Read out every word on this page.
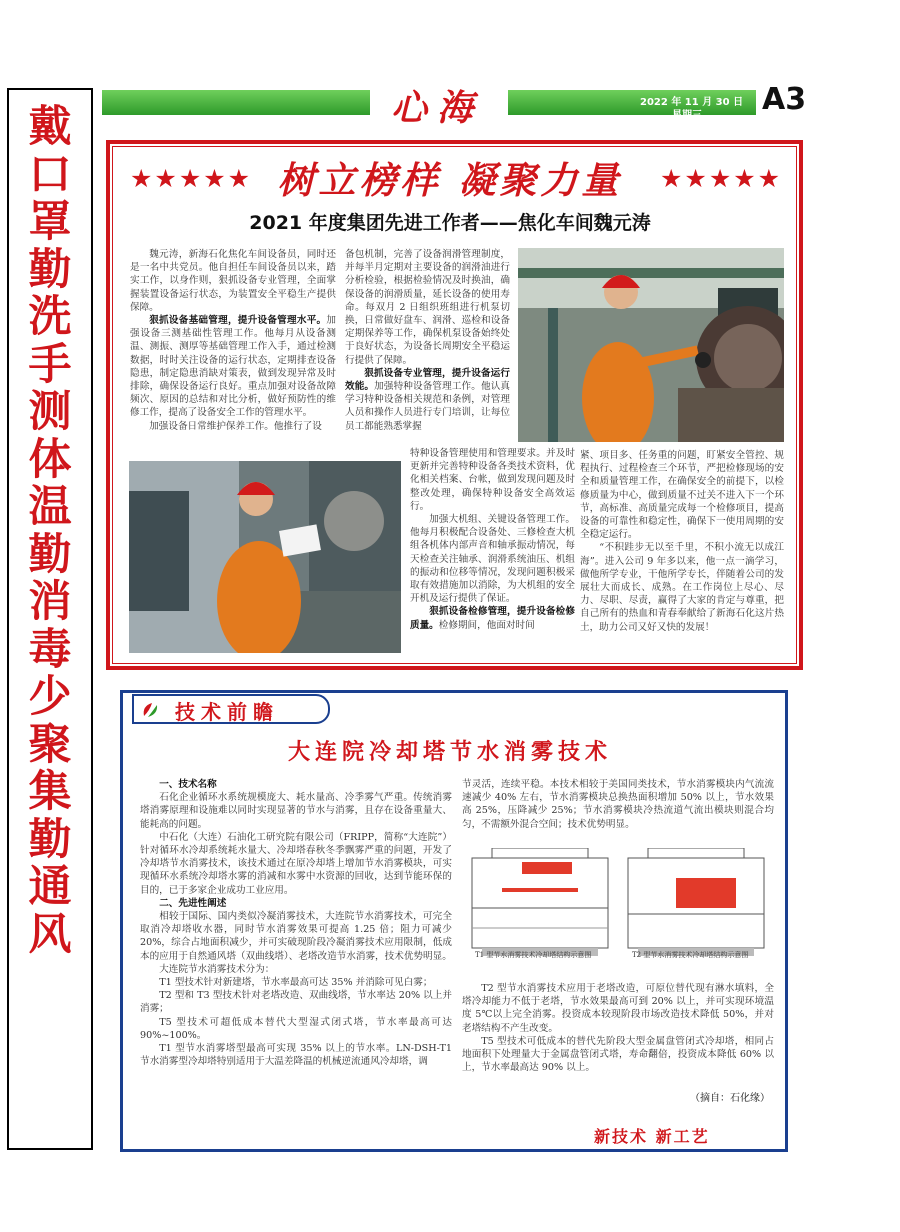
戴
口
罩
勤
洗
手
测
体
温
勤
消
毒
少
聚
集
勤
通
风
心海	2022 年 11 月 30 日
星期三 A3
★★★★★	★★★★★
树立榜样 凝聚力量
2021 年度集团先进工作者——焦化车间魏元涛

魏元涛，新海石化焦化车间设备员，同时还是一名中共党员。他自担任车间设备员以来，踏实工作，以身作则，狠抓设备专业管理，全面掌握装置设备运行状态，为装置安全平稳生产提供保障。

狠抓设备基础管理，提升设备管理水平。加强设备三测基础性管理工作。他每月从设备测温、测振、测厚等基础管理工作入手，通过检测数据，时时关注设备的运行状态，定期排查设备隐患，制定隐患消缺对策表，做到发现异常及时排除，确保设备运行良好。重点加强对设备故障频次、原因的总结和对比分析，做好预防性的维修工作，提高了设备安全工作的管理水平。

加强设备日常维护保养工作。他推行了设

备包机制，完善了设备润滑管理制度，并每半月定期对主要设备的润滑油进行分析检验，根据检验情况及时换油，确保设备的润滑质量，延长设备的使用寿命。每双月 2 日组织班组进行机泵切换，日常做好盘车、润滑、巡检和设备定期保养等工作，确保机泵设备始终处于良好状态，为设备长周期安全平稳运行提供了保障。

狠抓设备专业管理，提升设备运行效能。加强特种设备管理工作。他认真学习特种设备相关规范和条例，对管理人员和操作人员进行专门培训，让每位员工都能熟悉掌握

特种设备管理使用和管理要求。并及时更新并完善特种设备各类技术资料，优化相关档案、台帐，做到发现问题及时整改处理，确保特种设备安全高效运行。

加强大机组、关键设备管理工作。他每月积极配合设备处、三修检查大机组各机体内部声音和轴承振动情况，每天检查关注轴承、润滑系统油压、机组的振动和位移等情况，发现问题积极采取有效措施加以消除，为大机组的安全开机及运行提供了保证。

狠抓设备检修管理，提升设备检修质量。检修期间，他面对时间

紧、项目多、任务重的问题，盯紧安全管控、规程执行、过程检查三个环节，严把检修现场的安全和质量管理工作，在确保安全的前提下，以检修质量为中心，做到质量不过关不进入下一个环节，高标准、高质量完成每一个检修项目，提高设备的可靠性和稳定性，确保下一使用周期的安全稳定运行。

“不积跬步无以至千里，不积小流无以成江海”。进入公司 9 年多以来，他一点一滴学习，做他所学专业，干他所学专长，伴随着公司的发展壮大而成长、成熟。在工作岗位上尽心、尽力、尽职、尽责，赢得了大家的肯定与尊重，把自己所有的热血和青春奉献给了新海石化这片热土，助力公司又好又快的发展！

技术前瞻
大连院冷却塔节水消雾技术

一、技术名称

石化企业循环水系统规模庞大、耗水量高、冷季雾气严重。传统消雾塔消雾原理和设施难以同时实现显著的节水与消雾，且存在设备重量大、能耗高的问题。

中石化（大连）石油化工研究院有限公司（FRIPP，简称“大连院”）针对循环水冷却系统耗水量大、冷却塔春秋冬季飘雾严重的问题，开发了冷却塔节水消雾技术，该技术通过在原冷却塔上增加节水消雾模块，可实现循环水系统冷却塔水雾的消减和水雾中水资源的回收，达到节能环保的目的，已于多家企业成功工业应用。

二、先进性阐述

相较于国际、国内类似冷凝消雾技术，大连院节水消雾技术，可完全取消冷却塔收水器，同时节水消雾效果可提高 1.25 倍；阻力可减少 20%，综合占地面积减少，并可实破现阶段冷凝消雾技术应用限制，低成本的应用于自然通风塔（双曲线塔）、老塔改造节水消雾，技术优势明显。

大连院节水消雾技术分为：

T1 型技术针对新建塔，节水率最高可达 35% 并消除可见白雾；

T2 型和 T3 型技术针对老塔改造、双曲线塔，节水率达 20% 以上并消雾；

T5 型技术可超低成本替代大型湿式闭式塔，节水率最高可达 90%~100%。

T1 型节水消雾塔型最高可实现 35% 以上的节水率。LN-DSH-T1 节水消雾型冷却塔特别适用于大温差降温的机械逆流通风冷却塔，调

节灵活，连续平稳。本技术相较于美国同类技术，节水消雾模块内气流流速减少 40% 左右，节水消雾模块总换热面积增加 50% 以上，节水效果高 25%，压降减少 25%；节水消雾模块冷热流道气流出模块则混合均匀，不需额外混合空间；技术优势明显。

T1 型节水消雾技术冷却塔结构示意图	T2 型节水消雾技术冷却塔结构示意图

T2 型节水消雾技术应用于老塔改造，可原位替代现有淋水填料，全塔冷却能力不低于老塔，节水效果最高可到 20% 以上，并可实现环境温度 5℃以上完全消雾。投资成本较现阶段市场改造技术降低 50%，并对老塔结构不产生改变。

T5 型技术可低成本的替代先阶段大型金属盘管闭式冷却塔，相同占地面积下处理量大于金属盘管闭式塔，寿命翻倍，投资成本降低 60% 以上，节水率最高达 90% 以上。

（摘自：石化缘）
新技术 新工艺
